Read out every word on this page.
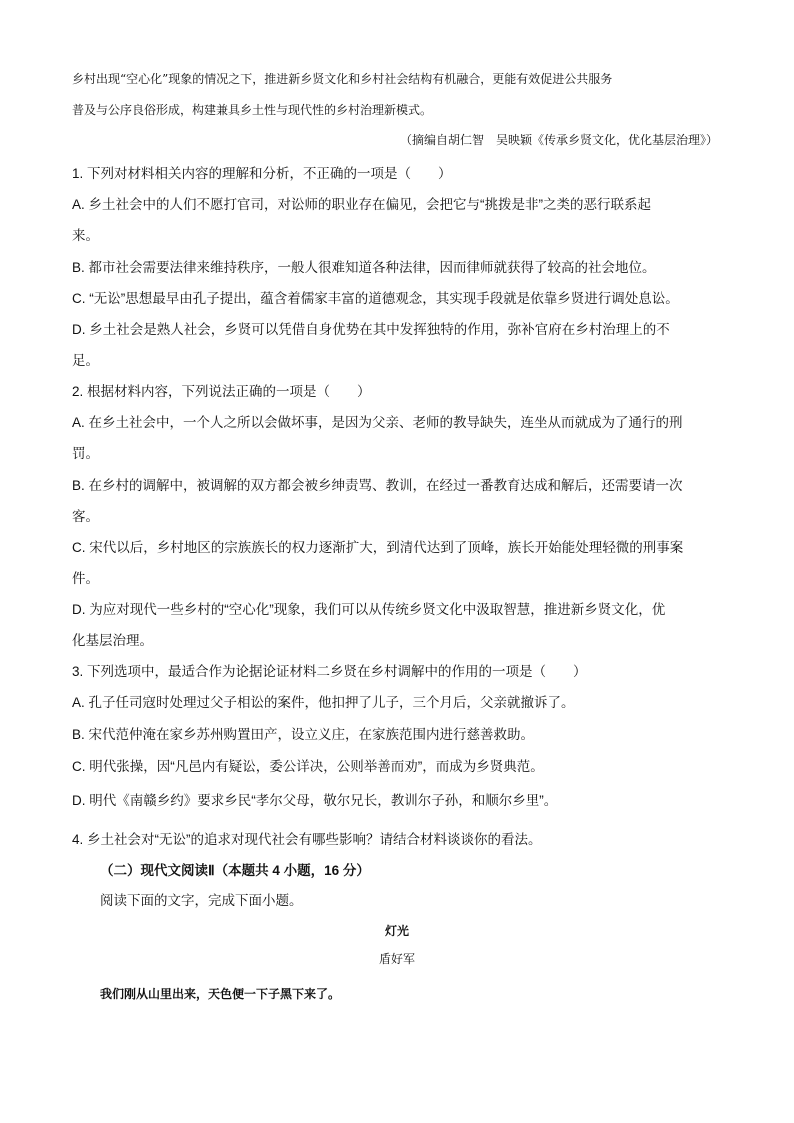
乡村出现“空心化”现象的情况之下，推进新乡贤文化和乡村社会结构有机融合，更能有效促进公共服务
普及与公序良俗形成，构建兼具乡土性与现代性的乡村治理新模式。
（摘编自胡仁智　吴映颖《传承乡贤文化，优化基层治理》）
1. 下列对材料相关内容的理解和分析，不正确的一项是（　　）
A. 乡土社会中的人们不愿打官司，对讼师的职业存在偏见，会把它与“挑拨是非”之类的恶行联系起
来。
B. 都市社会需要法律来维持秩序，一般人很难知道各种法律，因而律师就获得了较高的社会地位。
C. “无讼”思想最早由孔子提出，蕴含着儒家丰富的道德观念，其实现手段就是依靠乡贤进行调处息讼。
D. 乡土社会是熟人社会，乡贤可以凭借自身优势在其中发挥独特的作用，弥补官府在乡村治理上的不
足。
2. 根据材料内容，下列说法正确的一项是（　　）
A. 在乡土社会中，一个人之所以会做坏事，是因为父亲、老师的教导缺失，连坐从而就成为了通行的刑
罚。
B. 在乡村的调解中，被调解的双方都会被乡绅责骂、教训，在经过一番教育达成和解后，还需要请一次
客。
C. 宋代以后，乡村地区的宗族族长的权力逐渐扩大，到清代达到了顶峰，族长开始能处理轻微的刑事案
件。
D. 为应对现代一些乡村的“空心化”现象，我们可以从传统乡贤文化中汲取智慧，推进新乡贤文化，优
化基层治理。
3. 下列选项中，最适合作为论据论证材料二乡贤在乡村调解中的作用的一项是（　　）
A. 孔子任司寇时处理过父子相讼的案件，他扣押了儿子，三个月后，父亲就撤诉了。
B. 宋代范仲淹在家乡苏州购置田产，设立义庄，在家族范围内进行慈善救助。
C. 明代张操，因“凡邑内有疑讼，委公详决，公则举善而劝”，而成为乡贤典范。
D. 明代《南赣乡约》要求乡民“孝尔父母，敬尔兄长，教训尔子孙，和顺尔乡里”。
4. 乡土社会对“无讼”的追求对现代社会有哪些影响？请结合材料谈谈你的看法。
（二）现代文阅读Ⅱ（本题共 4 小题，16 分）
阅读下面的文字，完成下面小题。
灯光
盾好军
我们刚从山里出来，天色便一下子黑下来了。
